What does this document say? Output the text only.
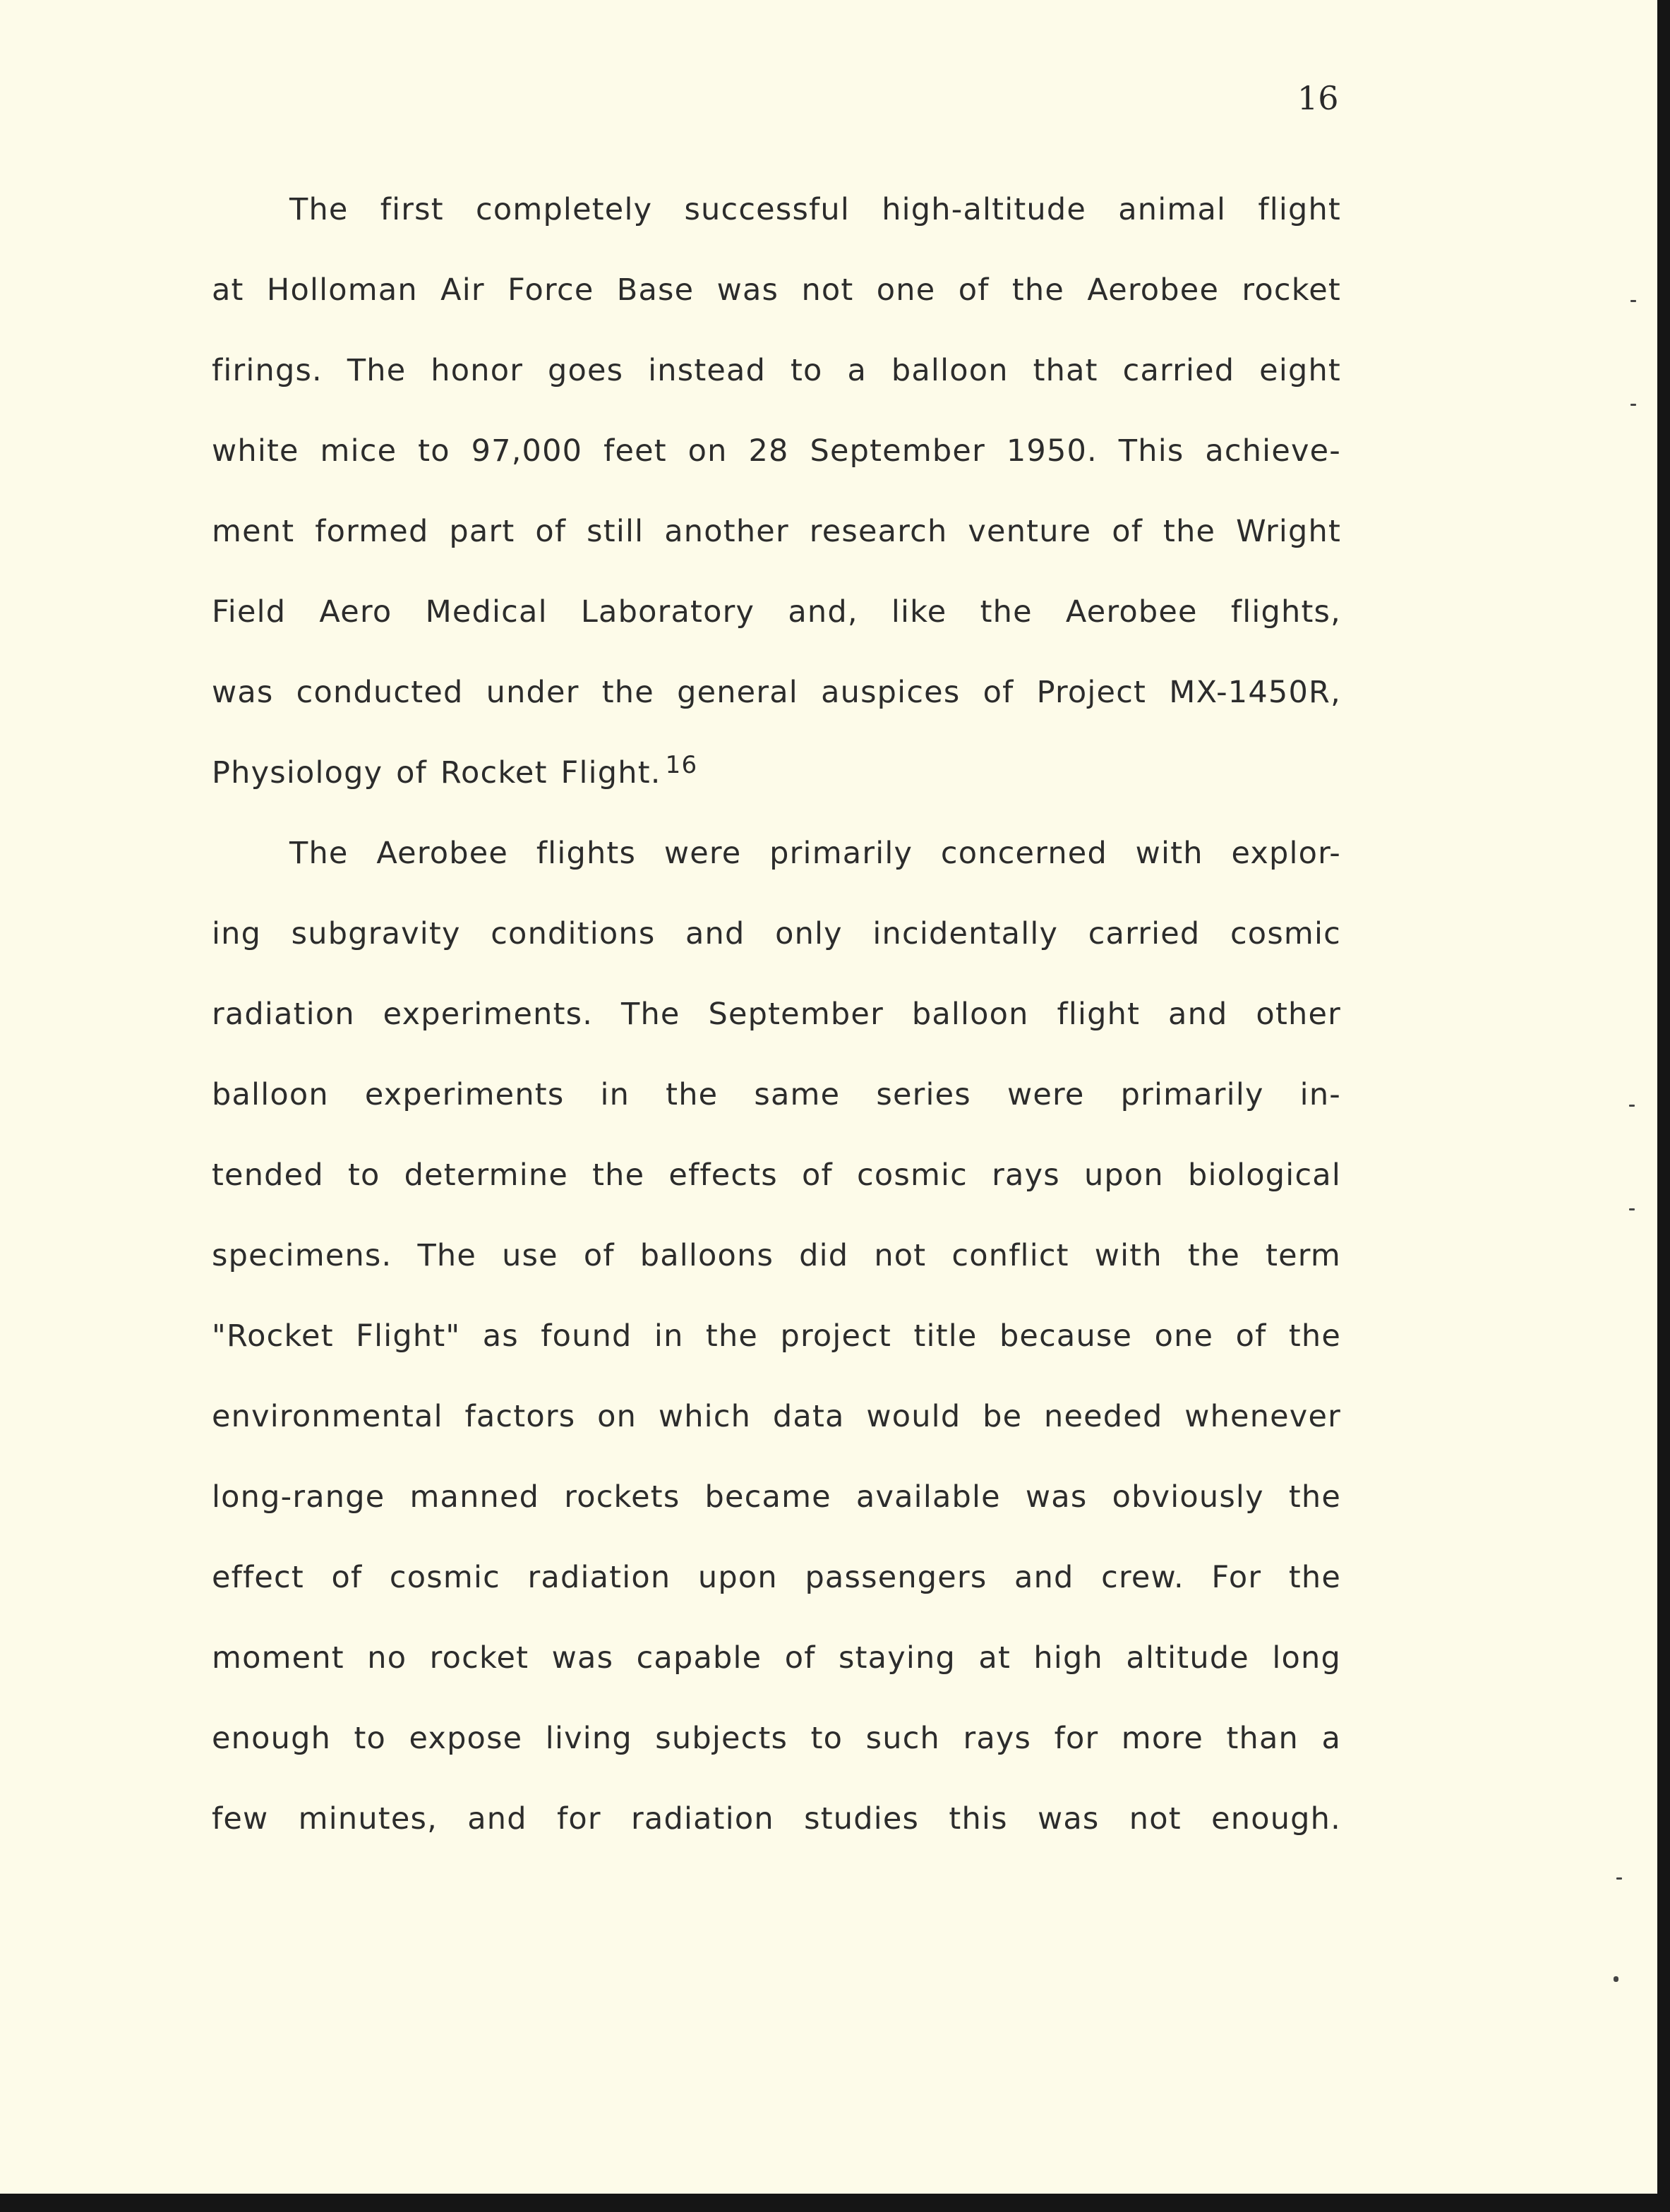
16
The first completely successful high-altitude animal flight
at Holloman Air Force Base was not one of the Aerobee rocket
firings. The honor goes instead to a balloon that carried eight
white mice to 97,000 feet on 28 September 1950. This achieve-
ment formed part of still another research venture of the Wright
Field Aero Medical Laboratory and, like the Aerobee flights,
was conducted under the general auspices of Project MX-1450R,
Physiology of Rocket Flight. $^{16}$
The Aerobee flights were primarily concerned with explor-
ing subgravity conditions and only incidentally carried cosmic
radiation experiments. The September balloon flight and other
balloon experiments in the same series were primarily in-
tended to determine the effects of cosmic rays upon biological
specimens. The use of balloons did not conflict with the term
"Rocket Flight" as found in the project title because one of the
environmental factors on which data would be needed whenever
long-range manned rockets became available was obviously the
effect of cosmic radiation upon passengers and crew. For the
moment no rocket was capable of staying at high altitude long
enough to expose living subjects to such rays for more than a
few minutes, and for radiation studies this was not enough.
